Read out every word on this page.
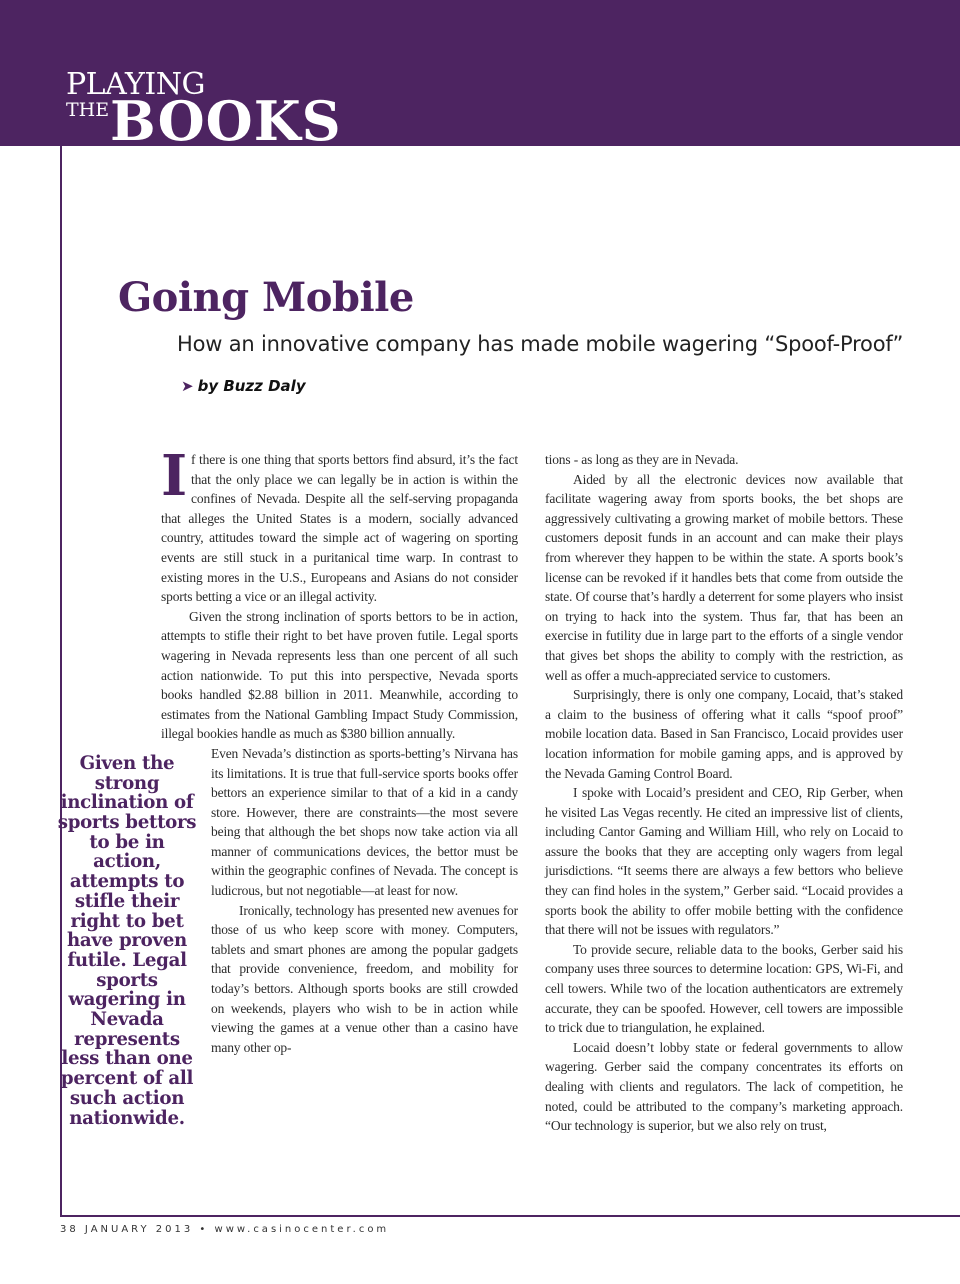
PLAYING
THE BOOKS
Going Mobile
How an innovative company has made mobile wagering “Spoof-Proof”
➤ by Buzz Daly

If there is one thing that sports bettors find absurd, it’s the fact that the only place we can legally be in action is within the confines of Nevada. Despite all the self-serving propaganda that alleges the United States is a modern, socially advanced country, attitudes toward the simple act of wagering on sporting events are still stuck in a puritanical time warp. In contrast to existing mores in the U.S., Europeans and Asians do not consider sports betting a vice or an illegal activity.

Given the strong inclination of sports bettors to be in action, attempts to stifle their right to bet have proven futile. Legal sports wagering in Nevada represents less than one percent of all such action nationwide. To put this into perspective, Nevada sports books handled $2.88 billion in 2011. Meanwhile, according to estimates from the National Gambling Impact Study Commission, illegal bookies handle as much as $380 billion annually.

Given the strong inclination of sports bettors to be in action, attempts to stifle their right to bet have proven futile. Legal sports wagering in Nevada represents less than one percent of all such action nationwide.
Even Nevada’s distinction as sports-betting’s Nirvana has its limitations. It is true that full-service sports books offer bettors an experience similar to that of a kid in a candy store. However, there are constraints—the most severe being that although the bet shops now take action via all manner of communications devices, the bettor must be within the geographic confines of Nevada. The concept is ludicrous, but not negotiable—at least for now.

Ironically, technology has presented new avenues for those of us who keep score with money. Computers, tablets and smart phones are among the popular gadgets that provide convenience, freedom, and mobility for today’s bettors. Although sports books are still crowded on weekends, players who wish to be in action while viewing the games at a venue other than a casino have many other op-

tions - as long as they are in Nevada.

Aided by all the electronic devices now available that facilitate wagering away from sports books, the bet shops are aggressively cultivating a growing market of mobile bettors. These customers deposit funds in an account and can make their plays from wherever they happen to be within the state. A sports book’s license can be revoked if it handles bets that come from outside the state. Of course that’s hardly a deterrent for some players who insist on trying to hack into the system. Thus far, that has been an exercise in futility due in large part to the efforts of a single vendor that gives bet shops the ability to comply with the restriction, as well as offer a much-appreciated service to customers.

Surprisingly, there is only one company, Locaid, that’s staked a claim to the business of offering what it calls “spoof proof” mobile location data. Based in San Francisco, Locaid provides user location information for mobile gaming apps, and is approved by the Nevada Gaming Control Board.

I spoke with Locaid’s president and CEO, Rip Gerber, when he visited Las Vegas recently. He cited an impressive list of clients, including Cantor Gaming and William Hill, who rely on Locaid to assure the books that they are accepting only wagers from legal jurisdictions. “It seems there are always a few bettors who believe they can find holes in the system,” Gerber said. “Locaid provides a sports book the ability to offer mobile betting with the confidence that there will not be issues with regulators.”

To provide secure, reliable data to the books, Gerber said his company uses three sources to determine location: GPS, Wi-Fi, and cell towers. While two of the location authenticators are extremely accurate, they can be spoofed. However, cell towers are impossible to trick due to triangulation, he explained.

Locaid doesn’t lobby state or federal governments to allow wagering. Gerber said the company concentrates its efforts on dealing with clients and regulators. The lack of competition, he noted, could be attributed to the company’s marketing approach. “Our technology is superior, but we also rely on trust,

38 JANUARY 2013 • www.casinocenter.com
